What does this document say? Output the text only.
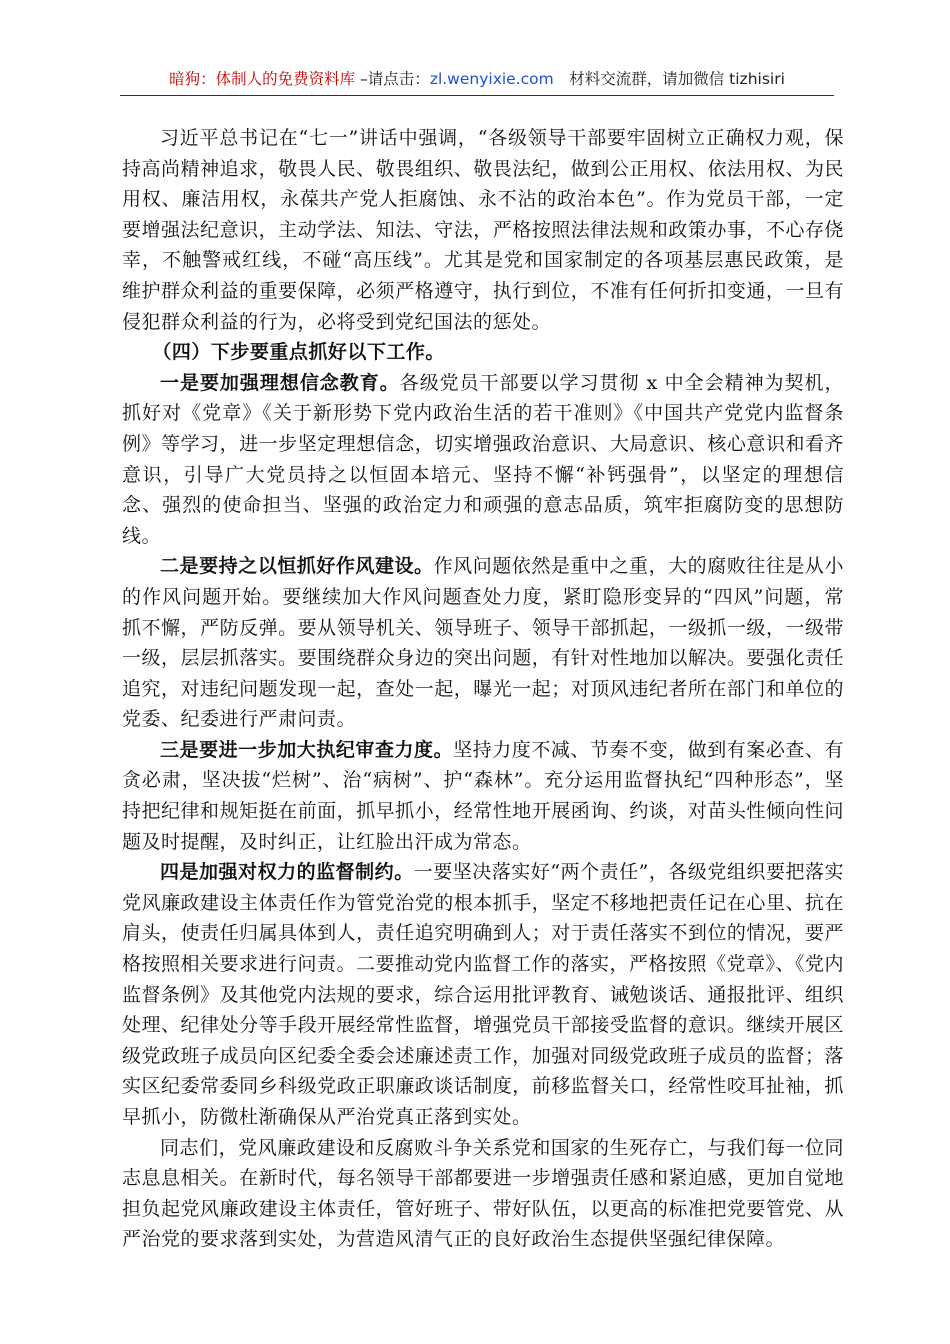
暗狗：体制人的免费资料库 –请点击：zl.wenyixie.com　材料交流群，请加微信 tizhisiri

习近平总书记在“七一”讲话中强调，“各级领导干部要牢固树立正确权力观，保持高尚精神追求，敬畏人民、敬畏组织、敬畏法纪，做到公正用权、依法用权、为民用权、廉洁用权，永葆共产党人拒腐蚀、永不沾的政治本色”。作为党员干部，一定要增强法纪意识，主动学法、知法、守法，严格按照法律法规和政策办事，不心存侥幸，不触警戒红线，不碰“高压线”。尤其是党和国家制定的各项基层惠民政策，是维护群众利益的重要保障，必须严格遵守，执行到位，不准有任何折扣变通，一旦有侵犯群众利益的行为，必将受到党纪国法的惩处。

（四）下步要重点抓好以下工作。

一是要加强理想信念教育。各级党员干部要以学习贯彻 x 中全会精神为契机，抓好对《党章》《关于新形势下党内政治生活的若干准则》《中国共产党党内监督条例》等学习，进一步坚定理想信念，切实增强政治意识、大局意识、核心意识和看齐意识，引导广大党员持之以恒固本培元、坚持不懈“补钙强骨”，以坚定的理想信念、强烈的使命担当、坚强的政治定力和顽强的意志品质，筑牢拒腐防变的思想防线。

二是要持之以恒抓好作风建设。作风问题依然是重中之重，大的腐败往往是从小的作风问题开始。要继续加大作风问题查处力度，紧盯隐形变异的“四风”问题，常抓不懈，严防反弹。要从领导机关、领导班子、领导干部抓起，一级抓一级，一级带一级，层层抓落实。要围绕群众身边的突出问题，有针对性地加以解决。要强化责任追究，对违纪问题发现一起，查处一起，曝光一起；对顶风违纪者所在部门和单位的党委、纪委进行严肃问责。

三是要进一步加大执纪审查力度。坚持力度不减、节奏不变，做到有案必查、有贪必肃，坚决拔“烂树”、治“病树”、护“森林”。充分运用监督执纪“四种形态”，坚持把纪律和规矩挺在前面，抓早抓小，经常性地开展函询、约谈，对苗头性倾向性问题及时提醒，及时纠正，让红脸出汗成为常态。

四是加强对权力的监督制约。一要坚决落实好“两个责任”，各级党组织要把落实党风廉政建设主体责任作为管党治党的根本抓手，坚定不移地把责任记在心里、抗在肩头，使责任归属具体到人，责任追究明确到人；对于责任落实不到位的情况，要严格按照相关要求进行问责。二要推动党内监督工作的落实，严格按照《党章》、《党内监督条例》及其他党内法规的要求，综合运用批评教育、诫勉谈话、通报批评、组织处理、纪律处分等手段开展经常性监督，增强党员干部接受监督的意识。继续开展区级党政班子成员向区纪委全委会述廉述责工作，加强对同级党政班子成员的监督；落实区纪委常委同乡科级党政正职廉政谈话制度，前移监督关口，经常性咬耳扯袖，抓早抓小，防微杜渐确保从严治党真正落到实处。

同志们，党风廉政建设和反腐败斗争关系党和国家的生死存亡，与我们每一位同志息息相关。在新时代，每名领导干部都要进一步增强责任感和紧迫感，更加自觉地担负起党风廉政建设主体责任，管好班子、带好队伍，以更高的标准把党要管党、从严治党的要求落到实处，为营造风清气正的良好政治生态提供坚强纪律保障。
